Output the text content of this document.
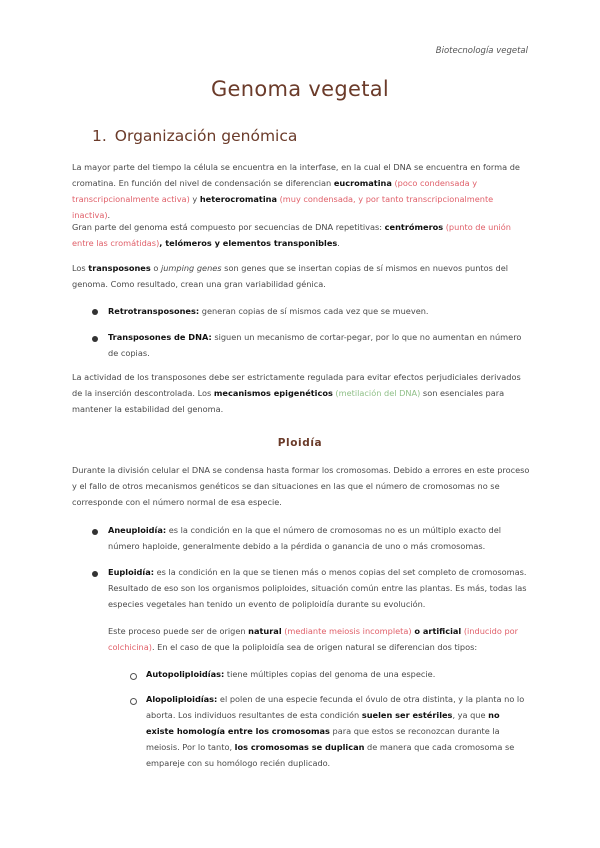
Biotecnología vegetal
Genoma vegetal
1. Organización genómica
La mayor parte del tiempo la célula se encuentra en la interfase, en la cual el DNA se encuentra en forma de cromatina. En función del nivel de condensación se diferencian eucromatina (poco condensada y transcripcionalmente activa) y heterocromatina (muy condensada, y por tanto transcripcionalmente inactiva).
Gran parte del genoma está compuesto por secuencias de DNA repetitivas: centrómeros (punto de unión entre las cromátidas), telómeros y elementos transponibles.
Los transposones o jumping genes son genes que se insertan copias de sí mismos en nuevos puntos del genoma. Como resultado, crean una gran variabilidad génica.
Retrotransposones: generan copias de sí mismos cada vez que se mueven.
Transposones de DNA: siguen un mecanismo de cortar-pegar, por lo que no aumentan en número de copias.
La actividad de los transposones debe ser estrictamente regulada para evitar efectos perjudiciales derivados de la inserción descontrolada. Los mecanismos epigenéticos (metilación del DNA) son esenciales para mantener la estabilidad del genoma.
Ploidía
Durante la división celular el DNA se condensa hasta formar los cromosomas. Debido a errores en este proceso y el fallo de otros mecanismos genéticos se dan situaciones en las que el número de cromosomas no se corresponde con el número normal de esa especie.
Aneuploidía: es la condición en la que el número de cromosomas no es un múltiplo exacto del número haploide, generalmente debido a la pérdida o ganancia de uno o más cromosomas.
Euploidía: es la condición en la que se tienen más o menos copias del set completo de cromosomas. Resultado de eso son los organismos poliploides, situación común entre las plantas. Es más, todas las especies vegetales han tenido un evento de poliploidía durante su evolución.
Este proceso puede ser de origen natural (mediante meiosis incompleta) o artificial (inducido por colchicina). En el caso de que la poliploidía sea de origen natural se diferencian dos tipos:
Autopoliploidías: tiene múltiples copias del genoma de una especie.
Alopoliploidías: el polen de una especie fecunda el óvulo de otra distinta, y la planta no lo aborta. Los individuos resultantes de esta condición suelen ser estériles, ya que no existe homología entre los cromosomas para que estos se reconozcan durante la meiosis. Por lo tanto, los cromosomas se duplican de manera que cada cromosoma se empareje con su homólogo recién duplicado.
